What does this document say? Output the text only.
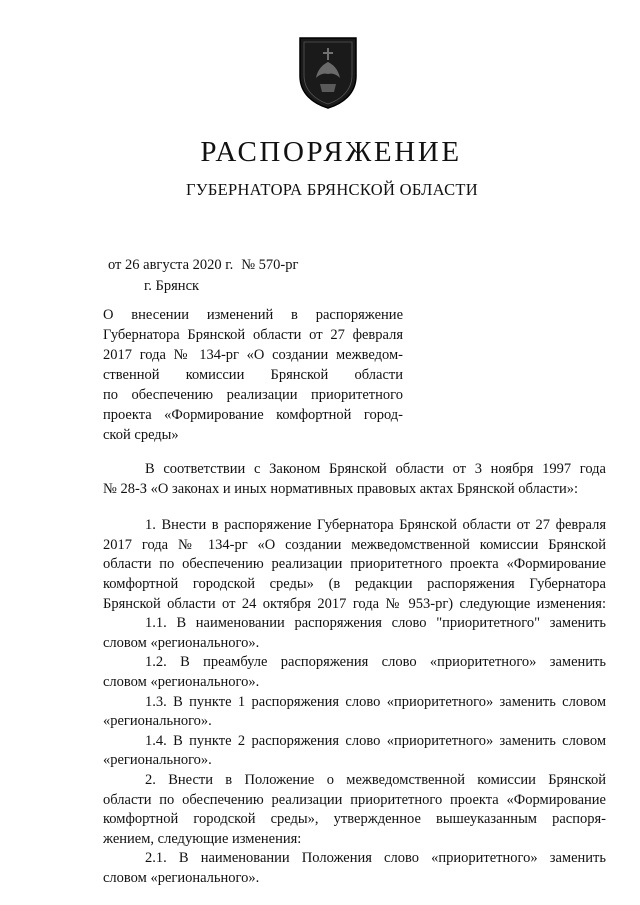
РАСПОРЯЖЕНИЕ
ГУБЕРНАТОРА БРЯНСКОЙ ОБЛАСТИ
от 26 августа 2020 г. № 570-рг
г. Брянск
О внесении изменений в распоряжение
Губернатора Брянской области от 27 февраля
2017 года № 134-рг «О создании межведом-
ственной комиссии Брянской области
по обеспечению реализации приоритетного
проекта «Формирование комфортной город-
ской среды»
В соответствии с Законом Брянской области от 3 ноября 1997 года
№ 28-З «О законах и иных нормативных правовых актах Брянской области»:
1. Внести в распоряжение Губернатора Брянской области от 27 февраля
2017 года № 134-рг «О создании межведомственной комиссии Брянской
области по обеспечению реализации приоритетного проекта «Формирование
комфортной городской среды» (в редакции распоряжения Губернатора
Брянской области от 24 октября 2017 года № 953-рг) следующие изменения:
1.1. В наименовании распоряжения слово "приоритетного" заменить
словом «регионального».
1.2. В преамбуле распоряжения слово «приоритетного» заменить
словом «регионального».
1.3. В пункте 1 распоряжения слово «приоритетного» заменить словом
«регионального».
1.4. В пункте 2 распоряжения слово «приоритетного» заменить словом
«регионального».
2. Внести в Положение о межведомственной комиссии Брянской
области по обеспечению реализации приоритетного проекта «Формирование
комфортной городской среды», утвержденное вышеуказанным распоря-
жением, следующие изменения:
2.1. В наименовании Положения слово «приоритетного» заменить
словом «регионального».
